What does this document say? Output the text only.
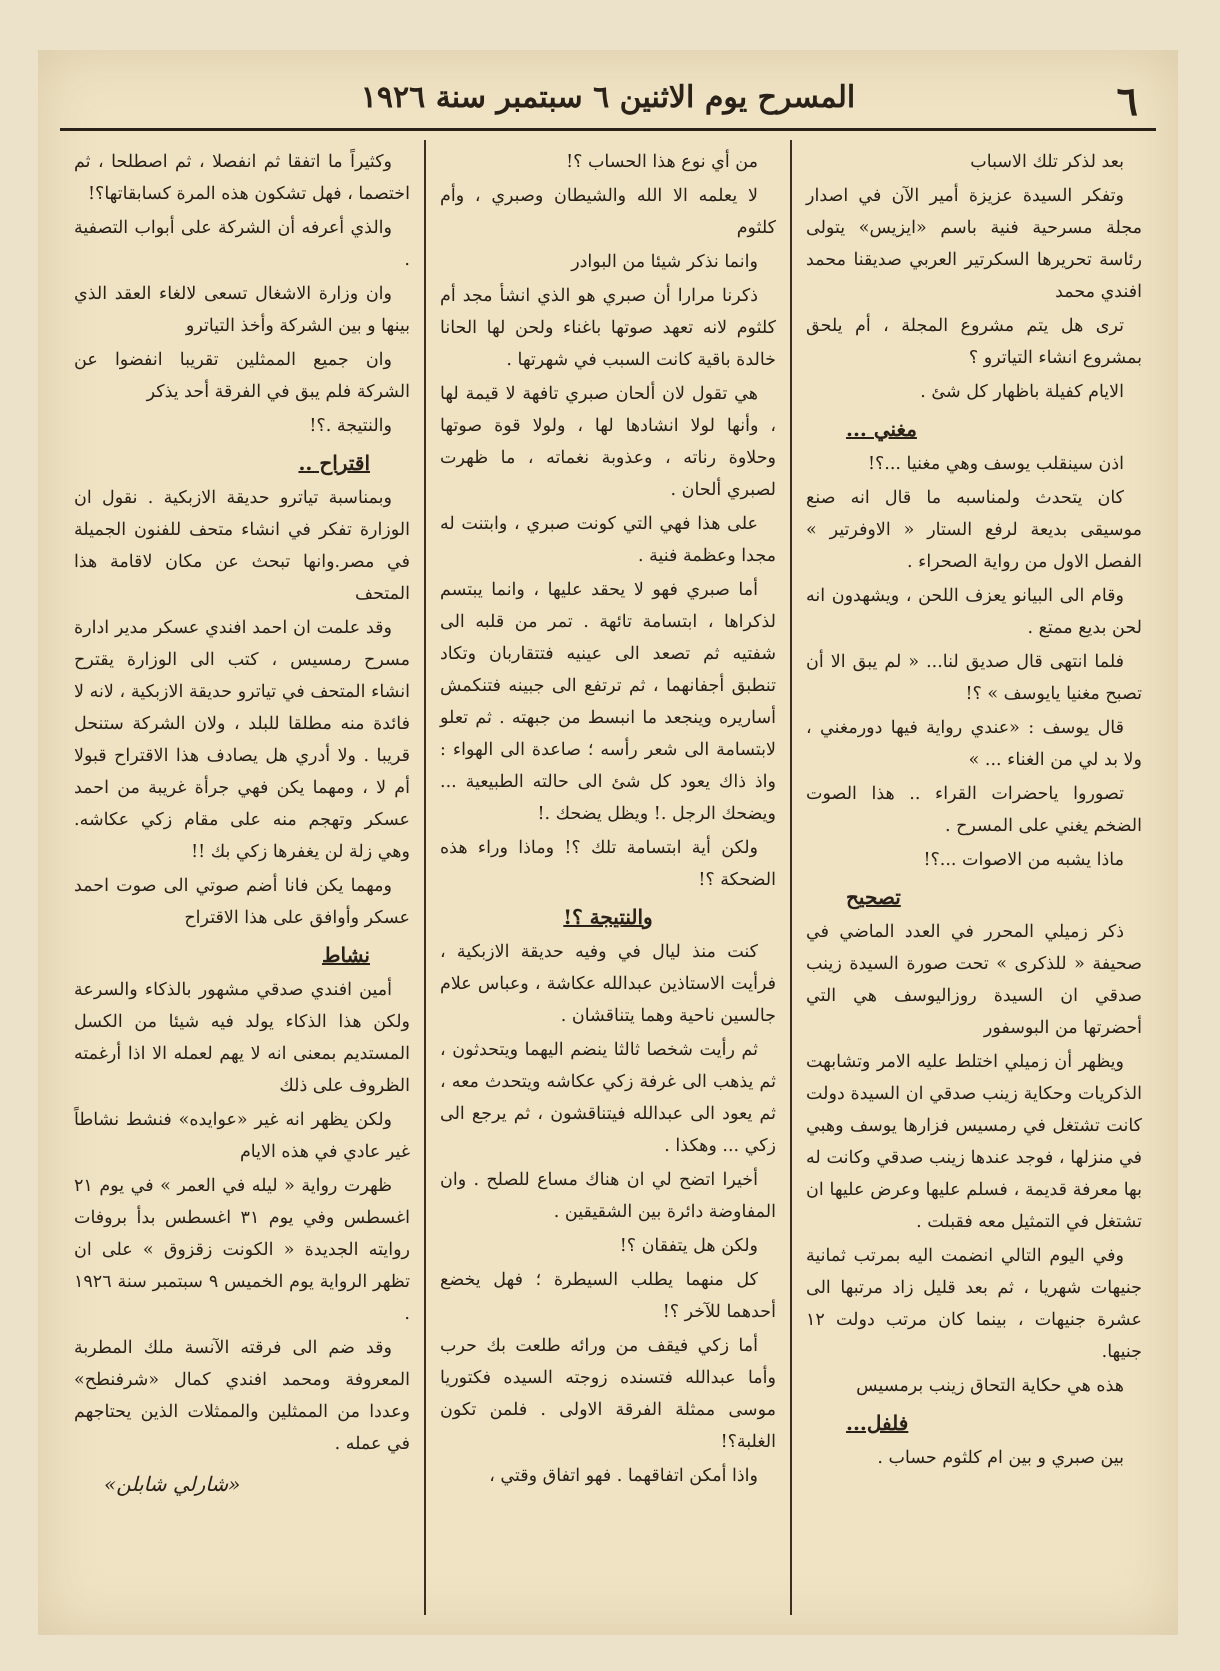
٦
المسرح يوم الاثنين ٦ سبتمبر سنة ١٩٢٦

بعد لذكر تلك الاسباب

وتفكر السيدة عزيزة أمير الآن في اصدار مجلة مسرحية فنية باسم «ايزيس» يتولى رئاسة تحريرها السكرتير العربي صديقنا محمد افندي محمد

ترى هل يتم مشروع المجلة ، أم يلحق بمشروع انشاء التياترو ؟

الايام كفيلة باظهار كل شئ .

مغني ...

اذن سينقلب يوسف وهي مغنيا ...؟!

كان يتحدث ولمناسبه ما قال انه صنع موسيقى بديعة لرفع الستار « الاوفرتير » الفصل الاول من رواية الصحراء .

وقام الى البيانو يعزف اللحن ، ويشهدون انه لحن بديع ممتع .

فلما انتهى قال صديق لنا... « لم يبق الا أن تصبح مغنيا يايوسف » ؟!

قال يوسف : «عندي رواية فيها دورمغني ، ولا بد لي من الغناء ... »

تصوروا ياحضرات القراء .. هذا الصوت الضخم يغني على المسرح .

ماذا يشبه من الاصوات ...؟!

تصحيح

ذكر زميلي المحرر في العدد الماضي في صحيفة « للذكرى » تحت صورة السيدة زينب صدقي ان السيدة روزاليوسف هي التي أحضرتها من البوسفور

ويظهر أن زميلي اختلط عليه الامر وتشابهت الذكريات وحكاية زينب صدقي ان السيدة دولت كانت تشتغل في رمسيس فزارها يوسف وهبي في منزلها ، فوجد عندها زينب صدقي وكانت له بها معرفة قديمة ، فسلم عليها وعرض عليها ان تشتغل في التمثيل معه فقبلت .

وفي اليوم التالي انضمت اليه بمرتب ثمانية جنيهات شهريا ، ثم بعد قليل زاد مرتبها الى عشرة جنيهات ، بينما كان مرتب دولت ١٢ جنيها.

هذه هي حكاية التحاق زينب برمسيس

فلفل...

بين صبري و بين ام كلثوم حساب .

من أي نوع هذا الحساب ؟!

لا يعلمه الا الله والشيطان وصبري ، وأم كلثوم

وانما نذكر شيئا من البوادر

ذكرنا مرارا أن صبري هو الذي انشأ مجد أم كلثوم لانه تعهد صوتها باغناء ولحن لها الحانا خالدة باقية كانت السبب في شهرتها .

هي تقول لان ألحان صبري تافهة لا قيمة لها ، وأنها لولا انشادها لها ، ولولا قوة صوتها وحلاوة رناته ، وعذوبة نغماته ، ما ظهرت لصبري ألحان .

على هذا فهي التي كونت صبري ، وابتنت له مجدا وعظمة فنية .

أما صبري فهو لا يحقد عليها ، وانما يبتسم لذكراها ، ابتسامة تائهة . تمر من قلبه الى شفتيه ثم تصعد الى عينيه فتتقاربان وتكاد تنطبق أجفانهما ، ثم ترتفع الى جبينه فتنكمش أساريره وينجعد ما انبسط من جبهته . ثم تعلو لابتسامة الى شعر رأسه ؛ صاعدة الى الهواء : واذ ذاك يعود كل شئ الى حالته الطبيعية ... ويضحك الرجل .! ويظل يضحك .!

ولكن أية ابتسامة تلك ؟! وماذا وراء هذه الضحكة ؟!

والنتيجة ؟!

كنت منذ ليال في وفيه حديقة الازبكية ، فرأيت الاستاذين عبدالله عكاشة ، وعباس علام جالسين ناحية وهما يتناقشان .

ثم رأيت شخصا ثالثا ينضم اليهما ويتحدثون ، ثم يذهب الى غرفة زكي عكاشه ويتحدث معه ، ثم يعود الى عبدالله فيتناقشون ، ثم يرجع الى زكي ... وهكذا .

أخيرا اتضح لي ان هناك مساع للصلح . وان المفاوضة دائرة بين الشقيقين .

ولكن هل يتفقان ؟!

كل منهما يطلب السيطرة ؛ فهل يخضع أحدهما للآخر ؟!

أما زكي فيقف من ورائه طلعت بك حرب وأما عبدالله فتسنده زوجته السيده فكتوريا موسى ممثلة الفرقة الاولى . فلمن تكون الغلبة؟!

واذا أمكن اتفاقهما . فهو اتفاق وقتي ،

وكثيراً ما اتفقا ثم انفصلا ، ثم اصطلحا ، ثم اختصما ، فهل تشكون هذه المرة كسابقاتها؟!

والذي أعرفه أن الشركة على أبواب التصفية .

وان وزارة الاشغال تسعى لالغاء العقد الذي بينها و بين الشركة وأخذ التياترو

وان جميع الممثلين تقريبا انفضوا عن الشركة فلم يبق في الفرقة أحد يذكر

والنتيجة .؟!

اقتراح ..

وبمناسبة تياترو حديقة الازبكية . نقول ان الوزارة تفكر في انشاء متحف للفنون الجميلة في مصر.وانها تبحث عن مكان لاقامة هذا المتحف

وقد علمت ان احمد افندي عسكر مدير ادارة مسرح رمسيس ، كتب الى الوزارة يقترح انشاء المتحف في تياترو حديقة الازبكية ، لانه لا فائدة منه مطلقا للبلد ، ولان الشركة ستنحل قريبا . ولا أدري هل يصادف هذا الاقتراح قبولا أم لا ، ومهما يكن فهي جرأة غريبة من احمد عسكر وتهجم منه على مقام زكي عكاشه. وهي زلة لن يغفرها زكي بك !!

ومهما يكن فانا أضم صوتي الى صوت احمد عسكر وأوافق على هذا الاقتراح

نشاط

أمين افندي صدقي مشهور بالذكاء والسرعة ولكن هذا الذكاء يولد فيه شيئا من الكسل المستديم بمعنى انه لا يهم لعمله الا اذا أرغمته الظروف على ذلك

ولكن يظهر انه غير «عوايده» فنشط نشاطاً غير عادي في هذه الايام

ظهرت رواية « ليله في العمر » في يوم ٢١ اغسطس وفي يوم ٣١ اغسطس بدأ بروفات روايته الجديدة « الكونت زقزوق » على ان تظهر الرواية يوم الخميس ٩ سبتمبر سنة ١٩٢٦ .

وقد ضم الى فرقته الآنسة ملك المطربة المعروفة ومحمد افندي كمال «شرفنطح» وعددا من الممثلين والممثلات الذين يحتاجهم في عمله .

«شارلي شابلن»
